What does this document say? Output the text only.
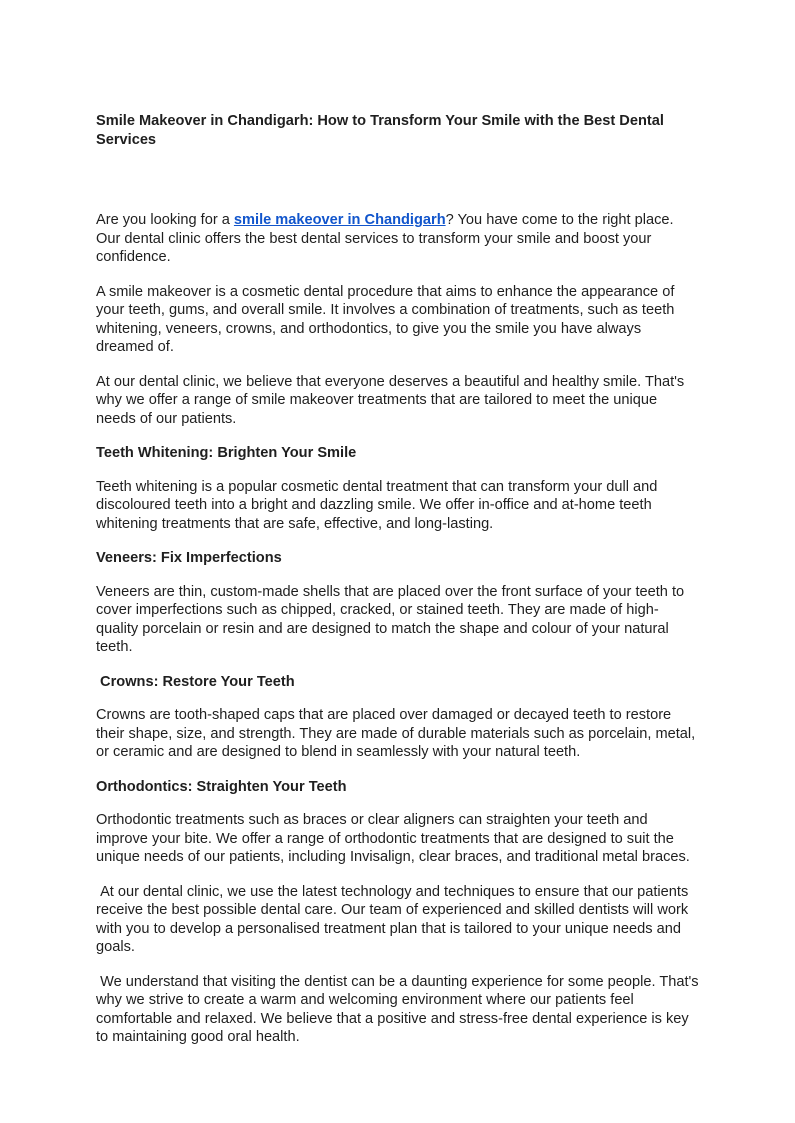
Smile Makeover in Chandigarh: How to Transform Your Smile with the Best Dental Services

Are you looking for a smile makeover in Chandigarh? You have come to the right place. Our dental clinic offers the best dental services to transform your smile and boost your confidence.

A smile makeover is a cosmetic dental procedure that aims to enhance the appearance of your teeth, gums, and overall smile. It involves a combination of treatments, such as teeth whitening, veneers, crowns, and orthodontics, to give you the smile you have always dreamed of.

At our dental clinic, we believe that everyone deserves a beautiful and healthy smile. That's why we offer a range of smile makeover treatments that are tailored to meet the unique needs of our patients.

Teeth Whitening: Brighten Your Smile

Teeth whitening is a popular cosmetic dental treatment that can transform your dull and discoloured teeth into a bright and dazzling smile. We offer in-office and at-home teeth whitening treatments that are safe, effective, and long-lasting.

Veneers: Fix Imperfections

Veneers are thin, custom-made shells that are placed over the front surface of your teeth to cover imperfections such as chipped, cracked, or stained teeth. They are made of high-quality porcelain or resin and are designed to match the shape and colour of your natural teeth.

Crowns: Restore Your Teeth

Crowns are tooth-shaped caps that are placed over damaged or decayed teeth to restore their shape, size, and strength. They are made of durable materials such as porcelain, metal, or ceramic and are designed to blend in seamlessly with your natural teeth.

Orthodontics: Straighten Your Teeth

Orthodontic treatments such as braces or clear aligners can straighten your teeth and improve your bite. We offer a range of orthodontic treatments that are designed to suit the unique needs of our patients, including Invisalign, clear braces, and traditional metal braces.

At our dental clinic, we use the latest technology and techniques to ensure that our patients receive the best possible dental care. Our team of experienced and skilled dentists will work with you to develop a personalised treatment plan that is tailored to your unique needs and goals.

We understand that visiting the dentist can be a daunting experience for some people. That's why we strive to create a warm and welcoming environment where our patients feel comfortable and relaxed. We believe that a positive and stress-free dental experience is key to maintaining good oral health.
